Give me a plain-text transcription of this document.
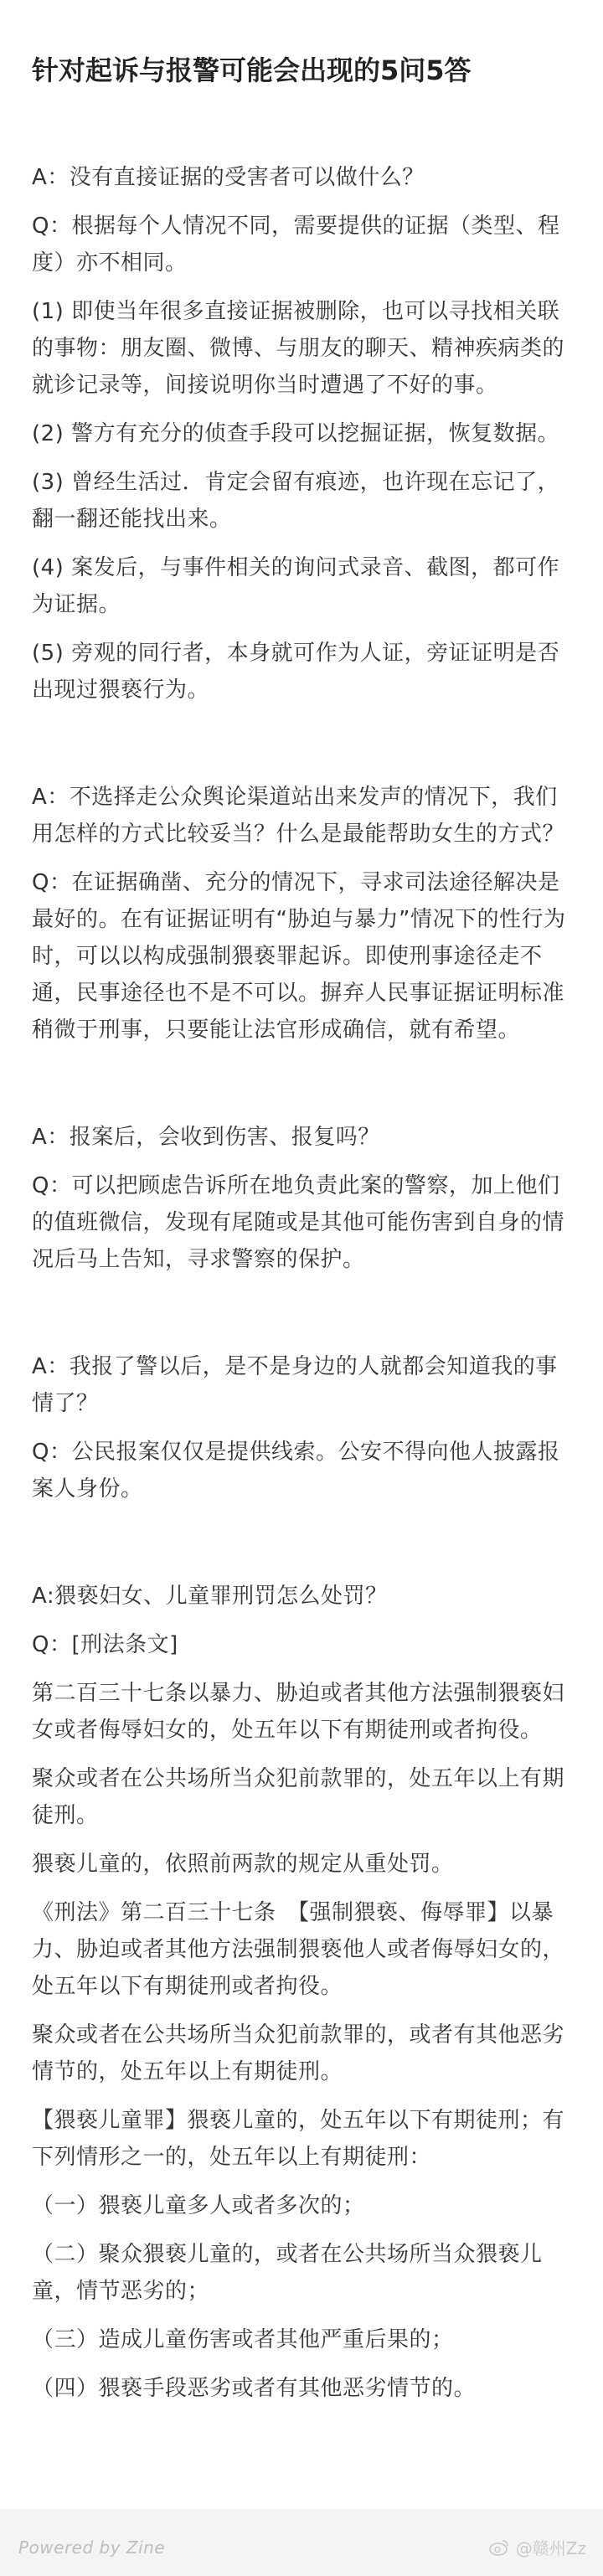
针对起诉与报警可能会出现的5问5答

A：没有直接证据的受害者可以做什么？

Q：根据每个人情况不同，需要提供的证据（类型、程度）亦不相同。

(1) 即使当年很多直接证据被删除，也可以寻找相关联的事物：朋友圈、微博、与朋友的聊天、精神疾病类的就诊记录等，间接说明你当时遭遇了不好的事。

(2) 警方有充分的侦查手段可以挖掘证据，恢复数据。

(3) 曾经生活过．肯定会留有痕迹，也许现在忘记了，翻一翻还能找出来。

(4) 案发后，与事件相关的询问式录音、截图，都可作为证据。

(5) 旁观的同行者，本身就可作为人证，旁证证明是否出现过猥亵行为。

A：不选择走公众舆论渠道站出来发声的情况下，我们用怎样的方式比较妥当？什么是最能帮助女生的方式？

Q：在证据确凿、充分的情况下，寻求司法途径解决是最好的。在有证据证明有“胁迫与暴力”情况下的性行为时，可以以构成强制猥亵罪起诉。即使刑事途径走不通，民事途径也不是不可以。摒弃人民事证据证明标准稍微于刑事，只要能让法官形成确信，就有希望。

A：报案后，会收到伤害、报复吗？

Q：可以把顾虑告诉所在地负责此案的警察，加上他们的值班微信，发现有尾随或是其他可能伤害到自身的情况后马上告知，寻求警察的保护。

A：我报了警以后，是不是身边的人就都会知道我的事情了？

Q：公民报案仅仅是提供线索。公安不得向他人披露报案人身份。

A:猥亵妇女、儿童罪刑罚怎么处罚？

Q：[刑法条文]

第二百三十七条以暴力、胁迫或者其他方法强制猥亵妇女或者侮辱妇女的，处五年以下有期徒刑或者拘役。

聚众或者在公共场所当众犯前款罪的，处五年以上有期徒刑。

猥亵儿童的，依照前两款的规定从重处罚。

《刑法》第二百三十七条　【强制猥亵、侮辱罪】以暴力、胁迫或者其他方法强制猥亵他人或者侮辱妇女的，处五年以下有期徒刑或者拘役。

聚众或者在公共场所当众犯前款罪的，或者有其他恶劣情节的，处五年以上有期徒刑。

【猥亵儿童罪】猥亵儿童的，处五年以下有期徒刑；有下列情形之一的，处五年以上有期徒刑：

（一）猥亵儿童多人或者多次的；

（二）聚众猥亵儿童的，或者在公共场所当众猥亵儿童，情节恶劣的；

（三）造成儿童伤害或者其他严重后果的；

（四）猥亵手段恶劣或者有其他恶劣情节的。

Powered by Zine	@赣州Zz
